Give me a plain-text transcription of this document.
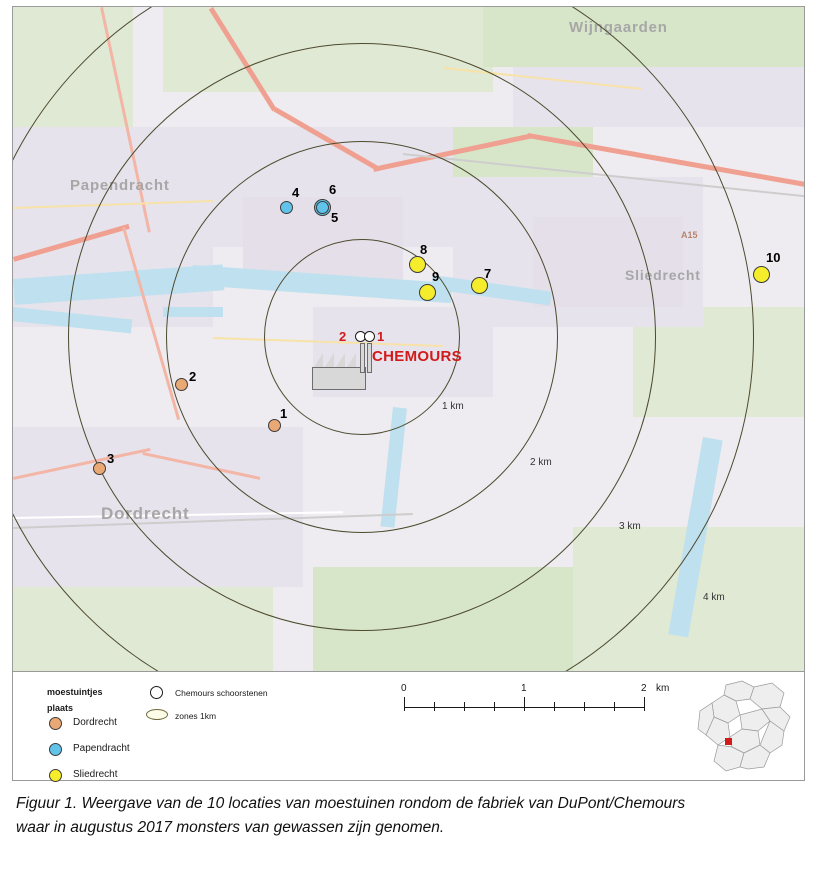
A15
Wijngaarden
Papendracht
Sliedrecht
Dordrecht
1 km
2 km
3 km
4 km
2 1
CHEMOURS
1
2
3
4
5
6
7
8
9
10
moestuintjes
plaats
Dordrecht
Papendracht
Sliedrecht
Chemours schoorstenen
zones 1km
0	1	2 km
Figuur 1. Weergave van de 10 locaties van moestuinen rondom de fabriek van DuPont/Chemours waar in augustus 2017 monsters van gewassen zijn genomen.
